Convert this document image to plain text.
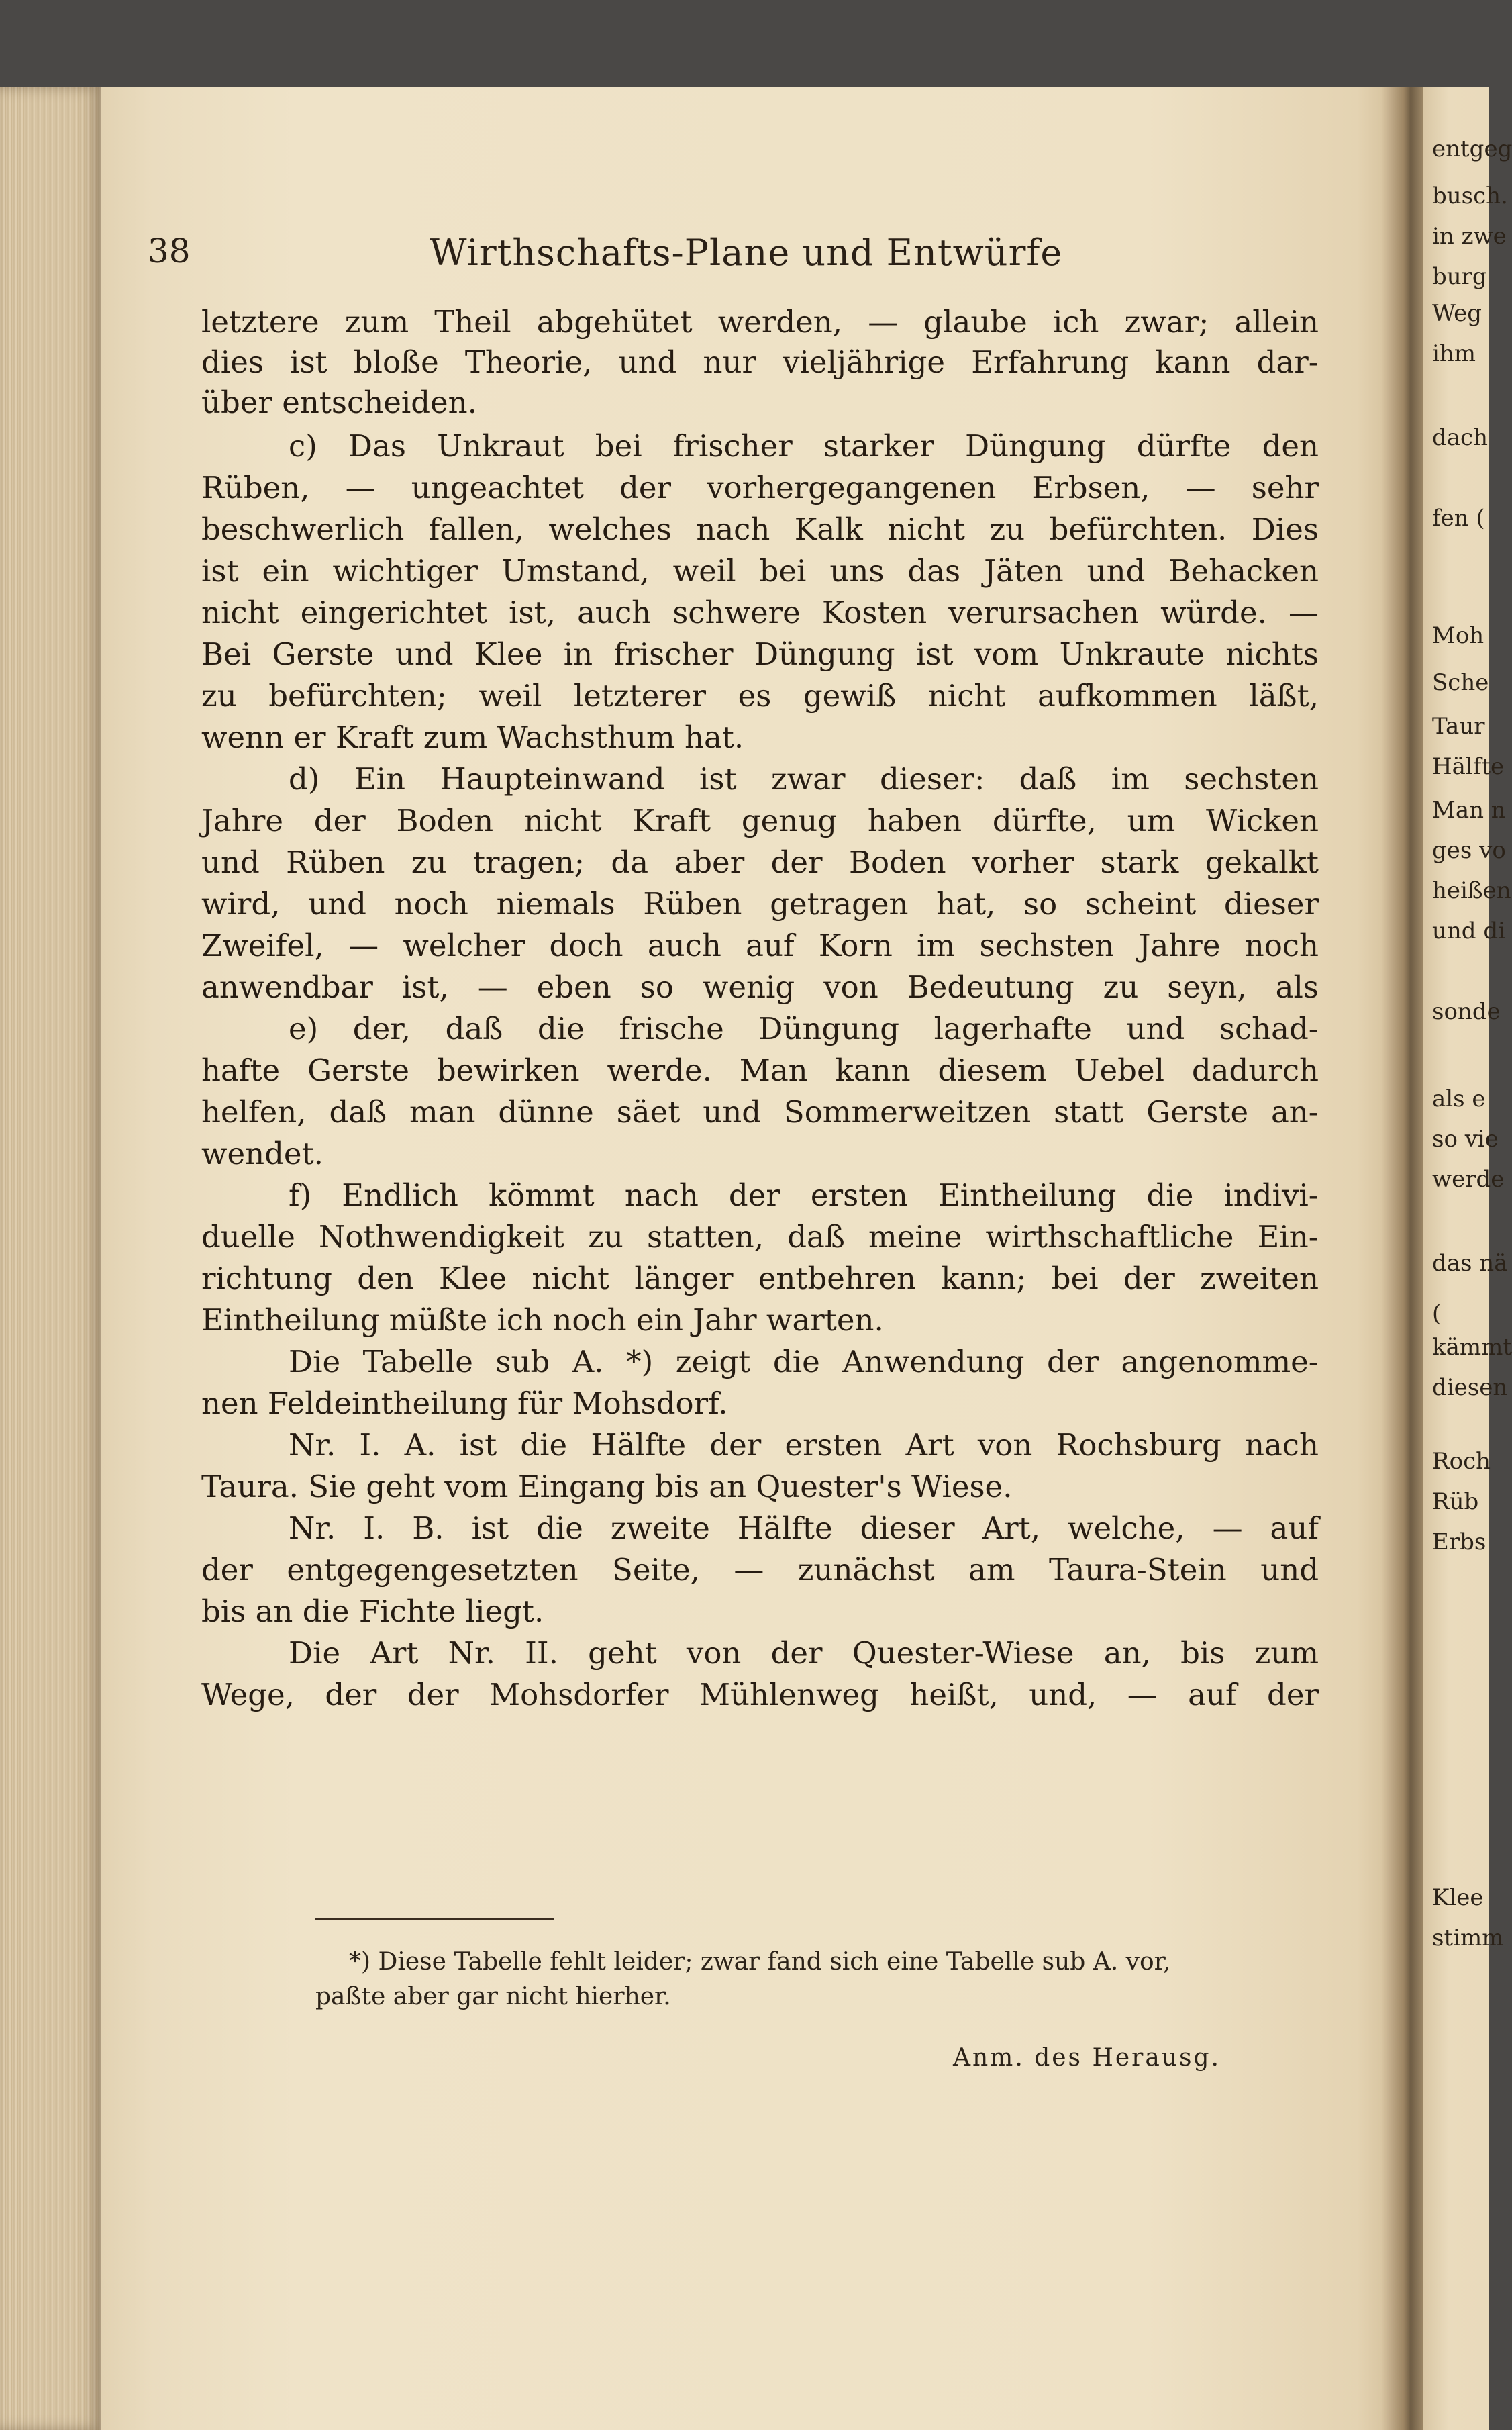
entgeg
busch.
in zwe
burg
Weg
ihm
dach
fen (
Moh
Sche
Taur
Hälfte
Man n
ges vo
heißen
und di
sonde
als e
so vie
werde
das nä
(
kämmt
diesen
Roch
Rüb
Erbs
Klee
stimm
38	Wirthschafts-Plane und Entwürfe
letztere zum Theil abgehütet werden, — glaube ich zwar; allein
dies ist bloße Theorie, und nur vieljährige Erfahrung kann dar-
über entscheiden.
c) Das Unkraut bei frischer starker Düngung dürfte den
Rüben, — ungeachtet der vorhergegangenen Erbsen, — sehr
beschwerlich fallen, welches nach Kalk nicht zu befürchten. Dies
ist ein wichtiger Umstand, weil bei uns das Jäten und Behacken
nicht eingerichtet ist, auch schwere Kosten verursachen würde. —
Bei Gerste und Klee in frischer Düngung ist vom Unkraute nichts
zu befürchten; weil letzterer es gewiß nicht aufkommen läßt,
wenn er Kraft zum Wachsthum hat.
d) Ein Haupteinwand ist zwar dieser: daß im sechsten
Jahre der Boden nicht Kraft genug haben dürfte, um Wicken
und Rüben zu tragen; da aber der Boden vorher stark gekalkt
wird, und noch niemals Rüben getragen hat, so scheint dieser
Zweifel, — welcher doch auch auf Korn im sechsten Jahre noch
anwendbar ist, — eben so wenig von Bedeutung zu seyn, als
e) der, daß die frische Düngung lagerhafte und schad-
hafte Gerste bewirken werde. Man kann diesem Uebel dadurch
helfen, daß man dünne säet und Sommerweitzen statt Gerste an-
wendet.
f) Endlich kömmt nach der ersten Eintheilung die indivi-
duelle Nothwendigkeit zu statten, daß meine wirthschaftliche Ein-
richtung den Klee nicht länger entbehren kann; bei der zweiten
Eintheilung müßte ich noch ein Jahr warten.
Die Tabelle sub A. *) zeigt die Anwendung der angenomme-
nen Feldeintheilung für Mohsdorf.
Nr. I. A. ist die Hälfte der ersten Art von Rochsburg nach
Taura. Sie geht vom Eingang bis an Quester's Wiese.
Nr. I. B. ist die zweite Hälfte dieser Art, welche, — auf
der entgegengesetzten Seite, — zunächst am Taura-Stein und
bis an die Fichte liegt.
Die Art Nr. II. geht von der Quester-Wiese an, bis zum
Wege, der der Mohsdorfer Mühlenweg heißt, und, — auf der
*) Diese Tabelle fehlt leider; zwar fand sich eine Tabelle sub A. vor,
paßte aber gar nicht hierher.
Anm. des Herausg.
